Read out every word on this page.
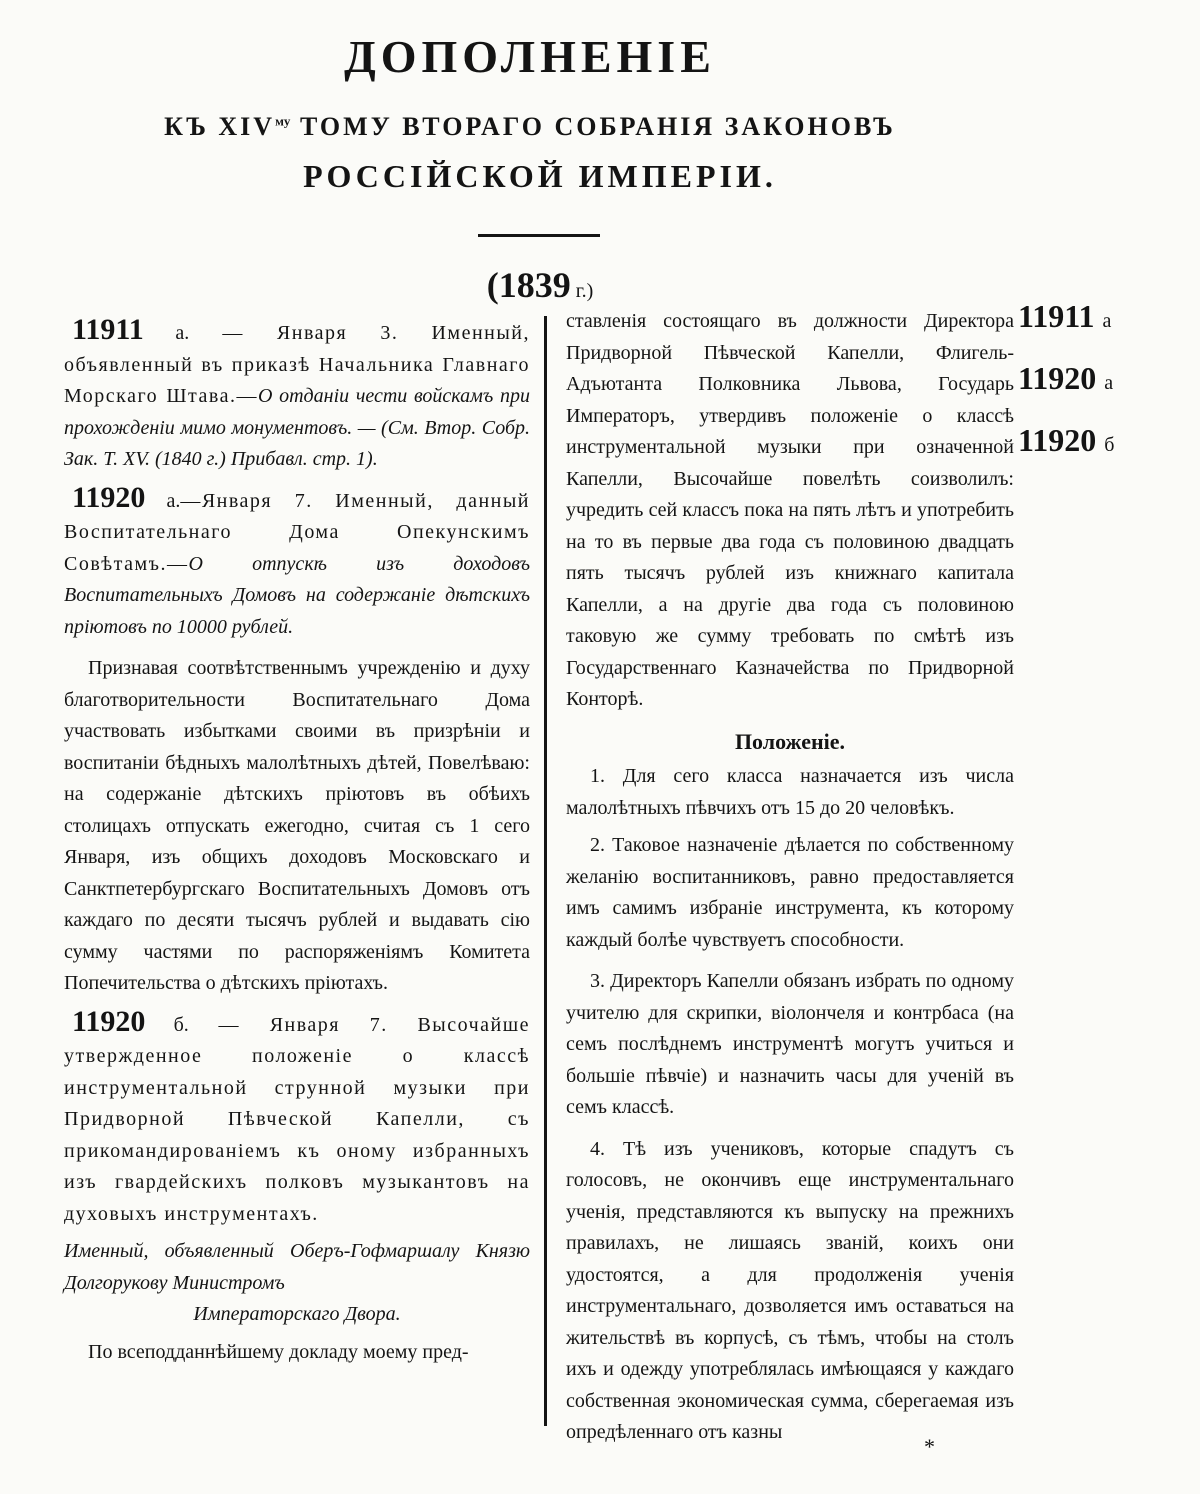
ДОПОЛНЕНІЕ
КЪ $XIV^{му}$ ТОМУ ВТОРАГО СОБРАНІЯ ЗАКОНОВЪ
РОССІЙСКОЙ ИМПЕРІИ.
(1839 г.)

11911 а. — Января 3. Именный, объявленный въ приказѣ Начальника Главнаго Морскаго Штава.—О отданіи чести войскамъ при прохожденіи мимо монументовъ. — (См. Втор. Собр. Зак. Т. XV. (1840 г.) Прибавл. стр. 1).

11920 а.—Января 7. Именный, данный Воспитательнаго Дома Опекунскимъ Совѣтамъ.—О отпускѣ изъ доходовъ Воспитательныхъ Домовъ на содержаніе дѣтскихъ пріютовъ по 10000 рублей.

Признавая соотвѣтственнымъ учрежденію и духу благотворительности Воспитательнаго Дома участвовать избытками своими въ призрѣніи и воспитаніи бѣдныхъ малолѣтныхъ дѣтей, Повелѣваю: на содержаніе дѣтскихъ пріютовъ въ обѣихъ столицахъ отпускать ежегодно, считая съ 1 сего Января, изъ общихъ доходовъ Московскаго и Санктпетербургскаго Воспитательныхъ Домовъ отъ каждаго по десяти тысячъ рублей и выдавать сію сумму частями по распоряженіямъ Комитета Попечительства о дѣтскихъ пріютахъ.

11920 б. — Января 7. Высочайше утвержденное положеніе о классѣ инструментальной струнной музыки при Придворной Пѣвческой Капелли, съ прикомандированіемъ къ оному избранныхъ изъ гвардейскихъ полковъ музыкантовъ на духовыхъ инструментахъ.

Именный, объявленный Оберъ-Гофмаршалу Князю Долгорукову Министромъ

Императорскаго Двора.

По всеподданнѣйшему докладу моему пред-

ставленія состоящаго въ должности Директора Придворной Пѣвческой Капелли, Флигель-Адъютанта Полковника Львова, Государь Императоръ, утвердивъ положеніе о классѣ инструментальной музыки при означенной Капелли, Высочайше повелѣть соизволилъ: учредить сей классъ пока на пять лѣтъ и употребить на то въ первые два года съ половиною двадцать пять тысячъ рублей изъ книжнаго капитала Капелли, а на другіе два года съ половиною таковую же сумму требовать по смѣтѣ изъ Государственнаго Казначейства по Придворной Конторѣ.

Положеніе.

1. Для сего класса назначается изъ числа малолѣтныхъ пѣвчихъ отъ 15 до 20 человѣкъ.

2. Таковое назначеніе дѣлается по собственному желанію воспитанниковъ, равно предоставляется имъ самимъ избраніе инструмента, къ которому каждый болѣе чувствуетъ способности.

3. Директоръ Капелли обязанъ избрать по одному учителю для скрипки, віолончеля и контрбаса (на семъ послѣднемъ инструментѣ могутъ учиться и большіе пѣвчіе) и назначить часы для ученій въ семъ классѣ.

4. Тѣ изъ учениковъ, которые спадутъ съ голосовъ, не окончивъ еще инструментальнаго ученія, представляются къ выпуску на прежнихъ правилахъ, не лишаясь званій, коихъ они удостоятся, а для продолженія ученія инструментальнаго, дозволяется имъ оставаться на жительствѣ въ корпусѣ, съ тѣмъ, чтобы на столъ ихъ и одежду употреблялась имѣющаяся у каждаго собственная экономическая сумма, сберегаемая изъ опредѣленнаго отъ казны

11911 а
11920 а
11920 б
*
